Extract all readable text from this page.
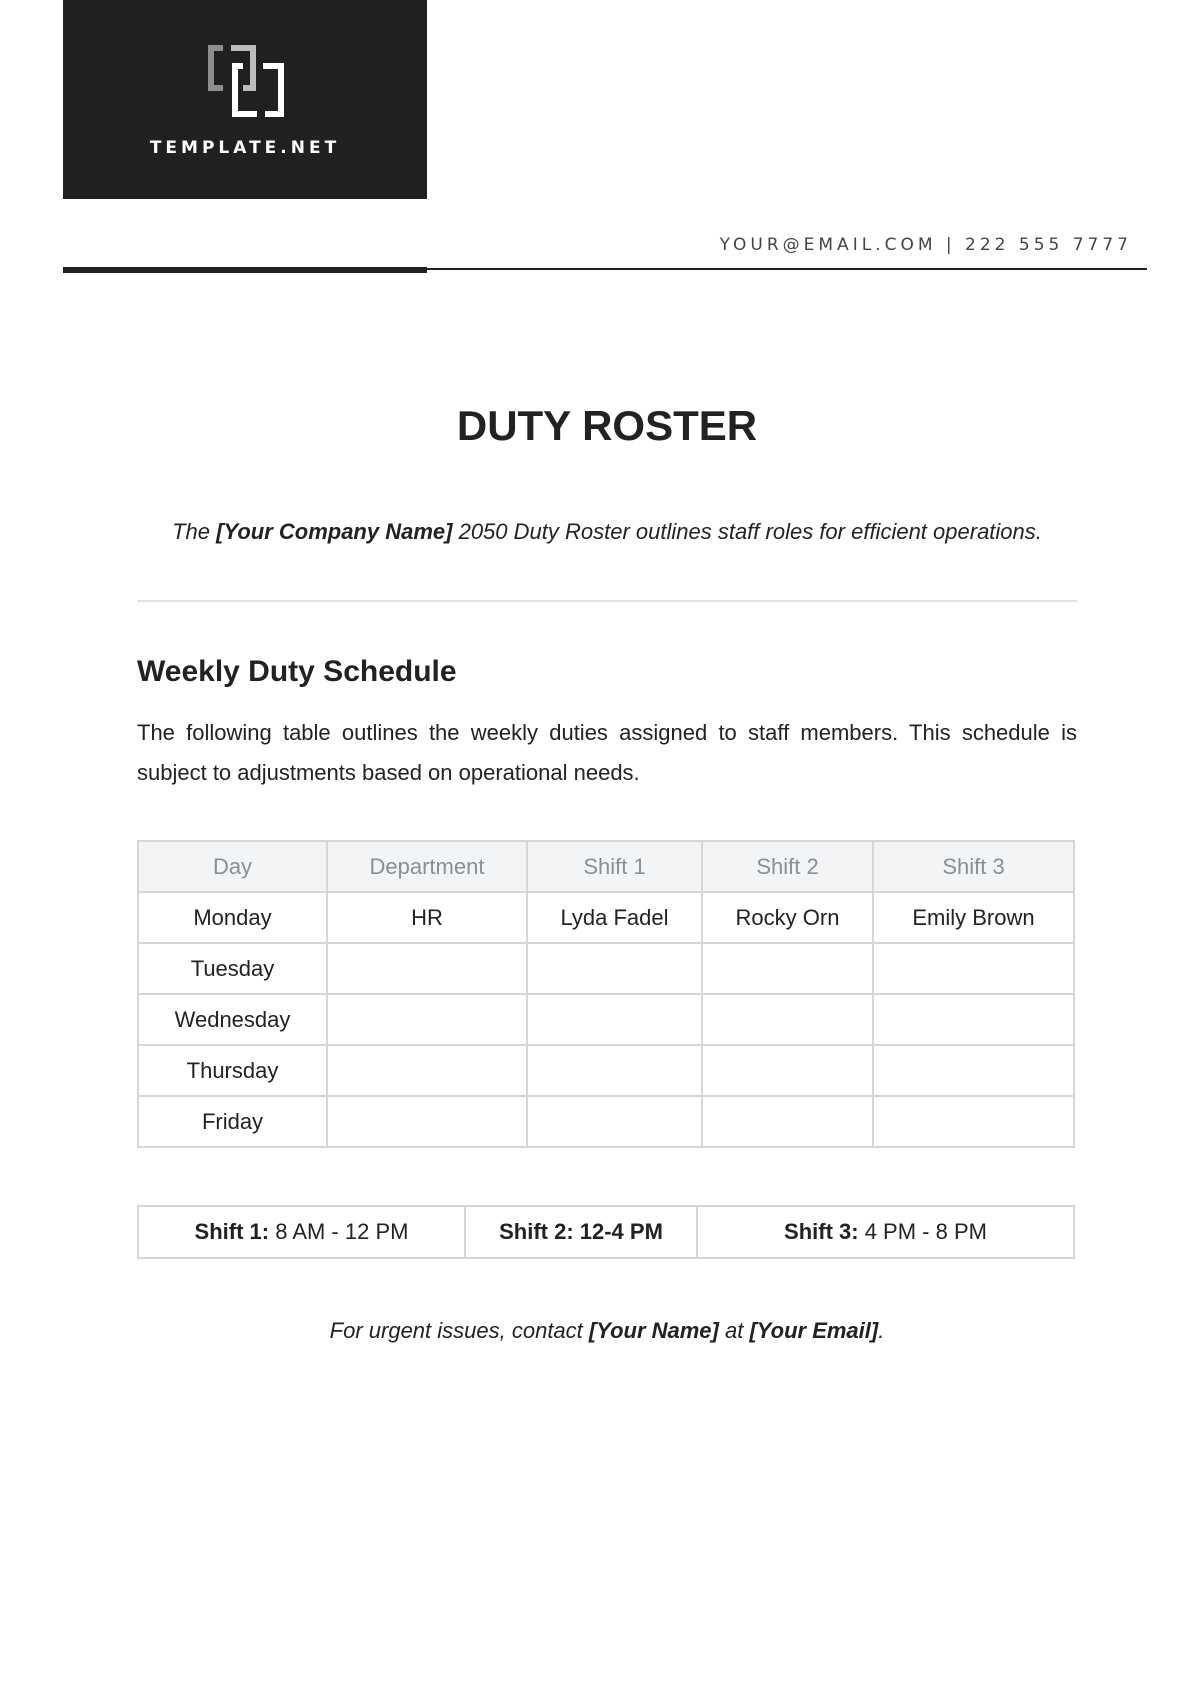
TEMPLATE.NET
YOUR@EMAIL.COM | 222 555 7777
DUTY ROSTER
The [Your Company Name] 2050 Duty Roster outlines staff roles for efficient operations.
Weekly Duty Schedule

The following table outlines the weekly duties assigned to staff members. This schedule is subject to adjustments based on operational needs.

Day	Department	Shift 1	Shift 2	Shift 3
Monday	HR	Lyda Fadel	Rocky Orn	Emily Brown
Tuesday				
Wednesday				
Thursday				
Friday				
Shift 1: 8 AM - 12 PM	Shift 2: 12-4 PM	Shift 3: 4 PM - 8 PM
For urgent issues, contact [Your Name] at [Your Email].
